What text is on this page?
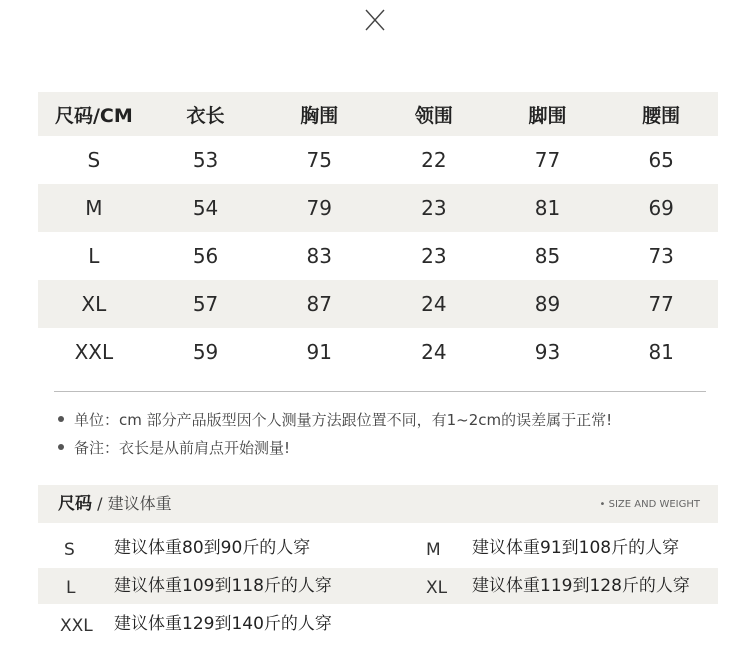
尺码/CM	衣长	胸围	领围	脚围	腰围
S	53	75	22	77	65
M	54	79	23	81	69
L	56	83	23	85	73
XL	57	87	24	89	77
XXL	59	91	24	93	81
单位：cm 部分产品版型因个人测量方法跟位置不同，有1~2cm的误差属于正常!
备注：衣长是从前肩点开始测量!
尺码 / 建议体重	• SIZE AND WEIGHT
S 建议体重80到90斤的人穿	M 建议体重91到108斤的人穿
L 建议体重109到118斤的人穿	XL 建议体重119到128斤的人穿
XXL 建议体重129到140斤的人穿
